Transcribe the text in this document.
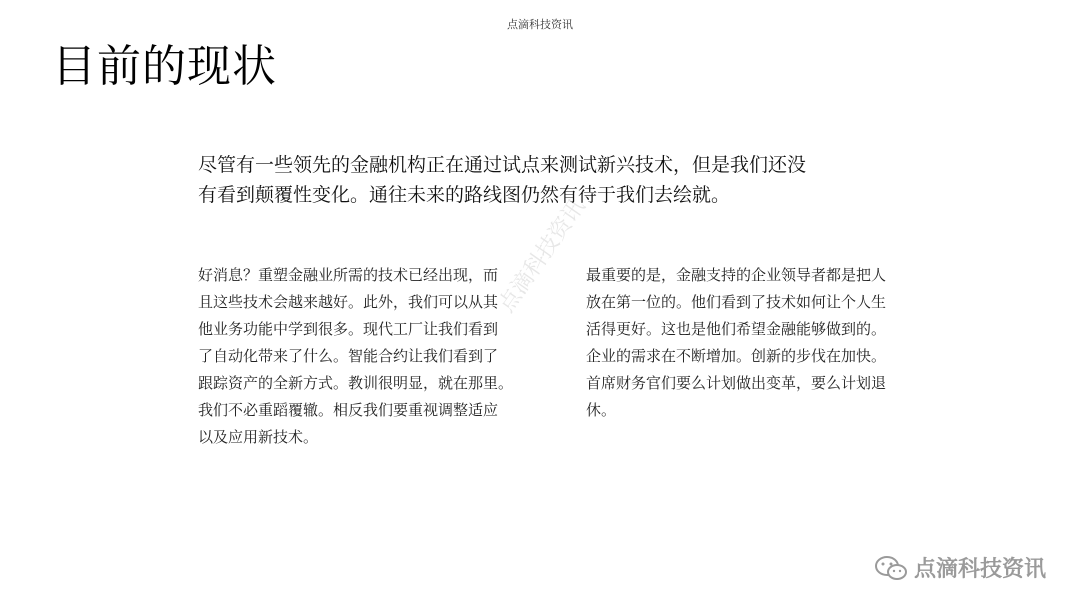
点滴科技资讯
目前的现状

尽管有一些领先的金融机构正在通过试点来测试新兴技术，但是我们还没

有看到颠覆性变化。通往未来的路线图仍然有待于我们去绘就。

好消息？重塑金融业所需的技术已经出现，而

且这些技术会越来越好。此外，我们可以从其

他业务功能中学到很多。现代工厂让我们看到

了自动化带来了什么。智能合约让我们看到了

跟踪资产的全新方式。教训很明显，就在那里。

我们不必重蹈覆辙。相反我们要重视调整适应

以及应用新技术。

最重要的是，金融支持的企业领导者都是把人

放在第一位的。他们看到了技术如何让个人生

活得更好。这也是他们希望金融能够做到的。

企业的需求在不断增加。创新的步伐在加快。

首席财务官们要么计划做出变革，要么计划退

休。

点滴科技资讯
点滴科技资讯
